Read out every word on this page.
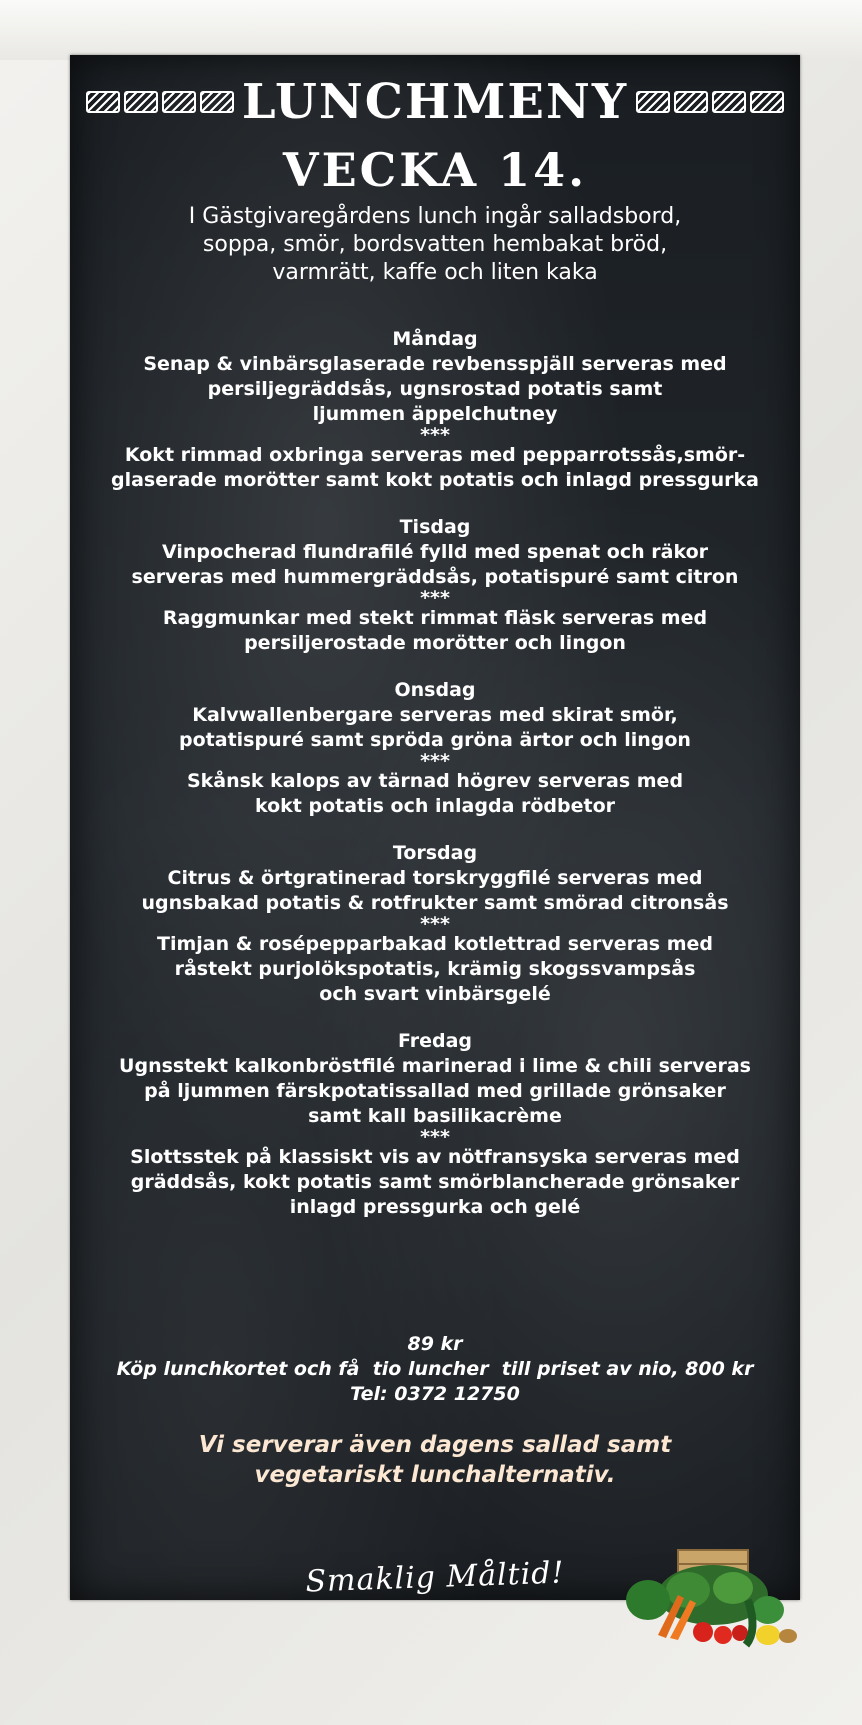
LUNCHMENY
VECKA 14.
I Gästgivaregårdens lunch ingår salladsbord,
soppa, smör, bordsvatten hembakat bröd,
varmrätt, kaffe och liten kaka
Måndag
Senap & vinbärsglaserade revbensspjäll serveras med
persiljegräddsås, ugnsrostad potatis samt
ljummen äppelchutney
***
Kokt rimmad oxbringa serveras med pepparrotssås,smör-
glaserade morötter samt kokt potatis och inlagd pressgurka
Tisdag
Vinpocherad flundrafilé fylld med spenat och räkor
serveras med hummergräddsås, potatispuré samt citron
***
Raggmunkar med stekt rimmat fläsk serveras med
persiljerostade morötter och lingon
Onsdag
Kalvwallenbergare serveras med skirat smör,
potatispuré samt spröda gröna ärtor och lingon
***
Skånsk kalops av tärnad högrev serveras med
kokt potatis och inlagda rödbetor
Torsdag
Citrus & örtgratinerad torskryggfilé serveras med
ugnsbakad potatis & rotfrukter samt smörad citronsås
***
Timjan & rosépepparbakad kotlettrad serveras med
råstekt purjolökspotatis, krämig skogssvampsås
och svart vinbärsgelé
Fredag
Ugnsstekt kalkonbröstfilé marinerad i lime & chili serveras
på ljummen färskpotatissallad med grillade grönsaker
samt kall basilikacrème
***
Slottsstek på klassiskt vis av nötfransyska serveras med
gräddsås, kokt potatis samt smörblancherade grönsaker
inlagd pressgurka och gelé
89 kr
Köp lunchkortet och få  tio luncher  till priset av nio, 800 kr
Tel: 0372 12750
Vi serverar även dagens sallad samt
vegetariskt lunchalternativ.
Smaklig Måltid!
